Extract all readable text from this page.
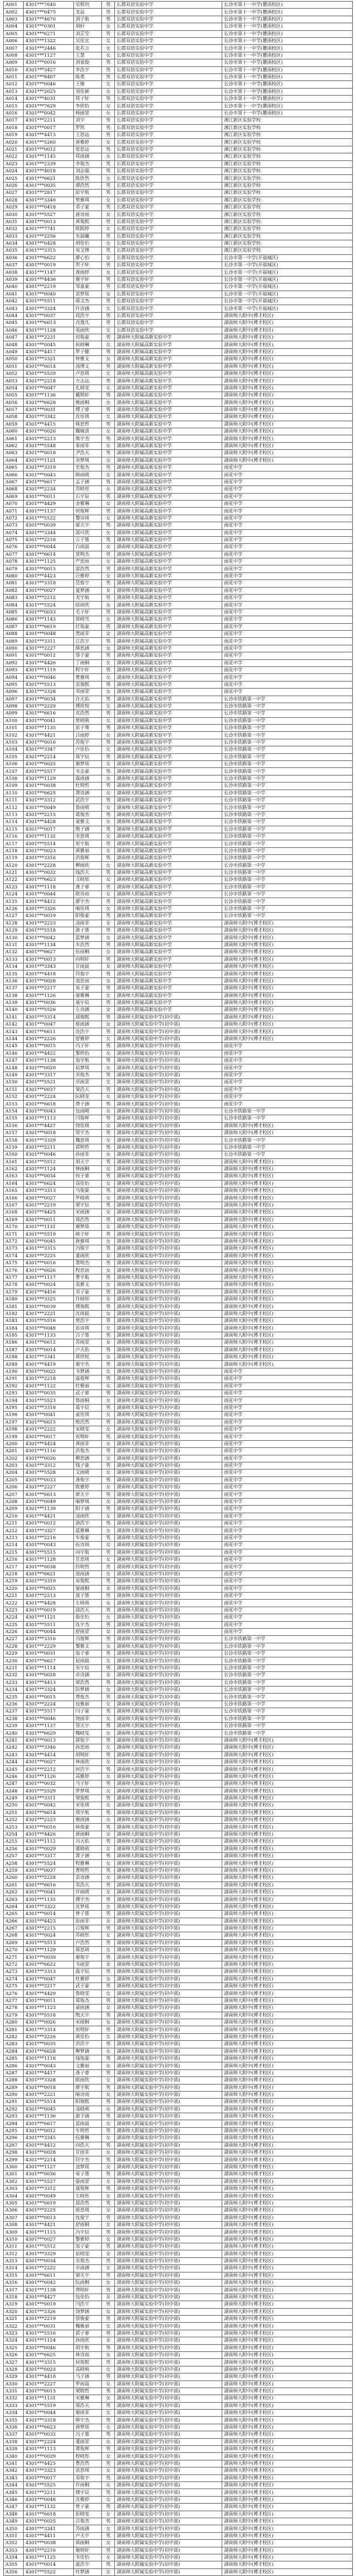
A001	4301***7640	吴程玥	男	长郡双语实验中学	长沙市第十一中学(麓南校区)
A002	4301***0475	龙品	男	长郡双语实验中学	长沙市第十一中学(麓南校区)
A003	4301***4670	刘子航	男	长郡双语实验中学	长沙市第十一中学(麓南校区)
A004	4301***0301	胡轩	女	长郡双语实验中学	长沙市第十一中学(麓南校区)
A005	4301***6271	刘芷莹	男	长郡双语实验中学	长沙市第十一中学(麓南校区)
A006	4301***1322	吴佳宜	女	长郡双语实验中学	长沙市第十一中学(麓南校区)
A007	4301***2446	张若言	女	长郡双语实验中学	长沙市第十一中学(麓南校区)
A008	4301***1127	王慧	女	长郡双语实验中学	长沙市第十一中学(麓南校区)
A009	4301***0016	刘家俊	男	长郡双语实验中学	长沙市第十一中学(麓南校区)
A010	4301***3427	李浩宇	男	长郡双语实验中学	长沙市第十一中学(麓南校区)
A011	4301***8407	陈勇	男	长郡双语实验中学	长沙市第十一中学(麓南校区)
A012	4301***0046	王敏	女	长郡双语实验中学	长沙市第十一中学(麓南校区)
A013	4301***2025	刘佳颖	女	长郡双语实验中学	长沙市第十一中学(麓南校区)
A014	4301***4031	周子轩	男	长郡双语实验中学	长沙市第十一中学(麓南校区)
A015	4301***7629	李欣怡	女	长郡双语实验中学	长沙市第十一中学(麓南校区)
A016	4301***0042	杨雨萱	女	长郡双语实验中学	长沙市第十一中学(麓南校区)
A017	4301***2211	刘宇	男	长郡双语实验中学	湘江新区实验学校
A018	4301***0017	罗凯	男	长郡双语实验中学	湘江新区实验学校
A019	4301***4413	王思远	男	长郡双语实验中学	湘江新区实验学校
A020	4301***5260	黄雅婷	女	长郡双语实验中学	湘江新区实验学校
A021	4301***0012	张思远	男	长郡双语实验中学	湘江新区实验学校
A022	4301***1145	周雨涵	女	长郡双语实验中学	湘江新区实验学校
A023	4301***2339	李俊杰	男	长郡双语实验中学	湘江新区实验学校
A024	4301***4018	刘志强	男	长郡双语实验中学	湘江新区实验学校
A025	4301***6621	陈欣然	女	长郡双语实验中学	湘江新区实验学校
A026	4301***0035	谭浩然	男	长郡双语实验中学	湘江新区实验学校
A027	4301***2817	彭宇航	男	长郡双语实验中学	湘江新区实验学校
A028	4301***3346	曾雅琪	女	长郡双语实验中学	湘江新区实验学校
A029	4301***0418	邓子豪	男	长郡双语实验中学	湘江新区实验学校
A030	4301***5527	唐诗雨	女	长郡双语实验中学	湘江新区实验学校
A031	4301***0013	黄俊熙	男	长郡双语实验中学	湘江新区实验学校
A032	4301***7741	欧阳婷	女	长郡双语实验中学	湘江新区实验学校
A033	4301***2256	朱晨曦	男	长郡双语实验中学	湘江新区实验学校
A034	4301***0428	胡佳怡	女	长郡双语实验中学	湘江新区实验学校
A035	4301***3315	易文博	男	长郡双语实验中学	湘江新区实验学校
A036	4301***6622	廖心怡	女	长郡双语实验中学	长沙市第一中学(开福城区)
A037	4301***0019	贺子轩	男	长郡双语实验中学	长沙市第一中学(开福城区)
A038	4301***1147	龚雨婷	女	长郡双语实验中学	长沙市第一中学(开福城区)
A039	4301***4436	谢宇轩	男	长郡双语实验中学	长沙市第一中学(开福城区)
A040	4301***2219	邹嘉豪	男	长郡双语实验中学	长沙市第一中学(开福城区)
A041	4301***0040	袁梦瑶	女	长郡双语实验中学	长沙市第一中学(开福城区)
A042	4301***5511	蒋文杰	男	长郡双语实验中学	长沙市第一中学(开福城区)
A043	4301***3324	许诗涵	女	长郡双语实验中学	长沙市第一中学(开福城区)
A044	4301***0037	段浩宇	男	长郡双语实验中学	湖南师大附中(博才校区)
A045	4301***6613	肖逸凡	男	长郡双语实验中学	湖南师大附中(博才校区)
A046	4301***1128	莫雨欣	女	长郡双语实验中学	湖南师大附中(博才校区)
A047	4301***2231	田俊豪	男	湖南师大附属高新实验中学	湖南师大附中(博才校区)
A048	4301***0045	何晓琳	女	湖南师大附属高新实验中学	湖南师大附中(博才校区)
A049	4301***4417	罗子健	男	湖南师大附属高新实验中学	湖南师大附中(博才校区)
A050	4301***3321	钟雅文	女	湖南师大附属高新实验中学	湖南师大附中(博才校区)
A051	4301***0014	汤博文	男	湖南师大附属高新实验中学	湖南师大附中(博才校区)
A052	4301***5529	卢思琪	女	湖南师大附属高新实验中学	湖南师大附中(博才校区)
A053	4301***2218	方志远	男	湖南师大附属高新实验中学	湖南师大附中(博才校区)
A054	4301***0047	孔晓雯	女	湖南师大附属高新实验中学	湖南师大附中(博才校区)
A055	4301***1136	戴明轩	男	湖南师大附属高新实验中学	湖南师大附中(博才校区)
A056	4301***6628	姚雨桐	女	湖南师大附属高新实验中学	湖南师大附中(博才校区)
A057	4301***0031	傅子睿	男	湖南师大附属高新实验中学	湖南师大附中(博才校区)
A058	4301***3342	沈佳琪	女	湖南师大附属高新实验中学	湖南师大附中(博才校区)
A059	4301***4415	韩思哲	男	湖南师大附属高新实验中学	湖南师大附中(博才校区)
A060	4301***0026	魏婉清	女	湖南师大附属高新实验中学	湖南师大附中(博才校区)
A061	4301***2213	熊宇杰	男	湖南师大附属高新实验中学	湖南师大附中(博才校区)
A062	4301***5548	秦雨菲	女	湖南师大附属高新实验中学	湖南师大附中(博才校区)
A063	4301***0018	尹浩天	男	湖南师大附属高新实验中学	湖南师大附中(博才校区)
A064	4301***1121	余梦琪	女	湖南师大附属高新实验中学	湖南师大附中(博才校区)
A065	4301***3319	史俊杰	男	湖南师大附属高新实验中学	雨花中学
A066	4301***0043	顾雨晴	女	湖南师大附属高新实验中学	雨花中学
A067	4301***6617	孟子涵	男	湖南师大附属高新实验中学	雨花中学
A068	4301***2234	苏晓彤	女	湖南师大附属高新实验中学	雨花中学
A069	4301***0011	石宇辰	男	湖南师大附属高新实验中学	雨花中学
A070	4301***4429	金雅琳	女	湖南师大附属高新实验中学	雨花中学
A071	4301***1137	侯俊辉	男	湖南师大附属高新实验中学	雨花中学
A072	4301***5522	黎诗琪	女	湖南师大附属高新实验中学	雨花中学
A073	4301***0039	郝天宇	男	湖南师大附属高新实验中学	雨花中学
A074	4301***3344	邵可欣	女	湖南师大附属高新实验中学	雨花中学
A075	4301***2216	万子墨	男	湖南师大附属高新实验中学	雨花中学
A076	4301***0044	白雨晨	女	湖南师大附属高新实验中学	雨花中学
A077	4301***6614	常明杰	男	湖南师大附属高新实验中学	雨花中学
A078	4301***1125	严思雨	女	湖南师大附属高新实验中学	雨花中学
A079	4301***0015	雷浩然	男	湖南师大附属高新实验中学	雨花中学
A080	4301***4423	汪雅婷	女	湖南师大附属高新实验中学	雨花中学
A081	4301***3318	范俊宇	男	湖南师大附属高新实验中学	雨花中学
A082	4301***0027	夏梦涵	女	湖南师大附属高新实验中学	雨花中学
A083	4301***2212	龙宇航	男	湖南师大附属高新实验中学	雨花中学
A084	4301***5524	陆雨欣	女	湖南师大附属高新实验中学	雨花中学
A085	4301***0033	毛子轩	男	湖南师大附属高新实验中学	雨花中学
A086	4301***1143	郑晓雪	女	湖南师大附属高新实验中学	雨花中学
A087	4301***6619	任俊豪	男	湖南师大附属高新实验中学	雨花中学
A088	4301***0048	贾雨菲	女	湖南师大附属高新实验中学	雨花中学
A089	4301***3311	江浩宇	男	湖南师大附属高新实验中学	雨花中学
A090	4301***2227	薛思涵	女	湖南师大附属高新实验中学	雨花中学
A091	4301***0012	蔡子豪	男	湖南师大附属高新实验中学	雨花中学
A092	4301***4426	丁雨桐	女	湖南师大附属高新实验中学	雨花中学
A093	4301***1119	程宇轩	男	湖南师大附属高新实验中学	雨花中学
A094	4301***0046	曹雅琪	女	湖南师大附属高新实验中学	雨花中学
A095	4301***5513	袁俊熙	男	湖南师大附属高新实验中学	雨花中学
A096	4301***3328	邓雨萱	女	湖南师大附属高新实验中学	雨花中学
A097	4301***0034	许天佑	男	湖南师大附属高新实验中学	长沙市铁路第一中学
A098	4301***2229	傅欣悦	女	湖南师大附属高新实验中学	长沙市铁路第一中学
A099	4301***6616	沈浩然	男	湖南师大附属高新实验中学	长沙市铁路第一中学
A100	4301***0041	曾晓萌	女	湖南师大附属高新实验中学	长沙市铁路第一中学
A101	4301***1135	彭子骞	男	湖南师大附属高新实验中学	长沙市铁路第一中学
A102	4301***4421	吕雨婷	女	湖南师大附属高新实验中学	长沙市铁路第一中学
A103	4301***0016	苏俊宇	男	湖南师大附属高新实验中学	长沙市铁路第一中学
A104	4301***3347	卢佳怡	女	湖南师大附属高新实验中学	长沙市铁路第一中学
A105	4301***2214	蒋宇辰	男	湖南师大附属高新实验中学	长沙市铁路第一中学
A106	4301***0025	谢梦瑶	女	湖南师大附属高新实验中学	长沙市铁路第一中学
A107	4301***5517	韦志豪	男	湖南师大附属高新实验中学	长沙市铁路第一中学
A108	4301***1129	温雨涵	女	湖南师大附属高新实验中学	长沙市铁路第一中学
A109	4301***0038	杜明哲	男	湖南师大附属高新实验中学	长沙市铁路第一中学
A110	4301***6625	萧诗涵	女	湖南师大附属高新实验中学	长沙市铁路第一中学
A111	4301***3312	武浩宇	男	湖南师大附属高新实验中学	长沙市铁路第一中学
A112	4301***0049	鲁雨晴	女	湖南师大附属高新实验中学	长沙市铁路第一中学
A113	4301***2215	葛俊杰	男	湖南师大附属高新实验中学	长沙市铁路第一中学
A114	4301***4428	童雅文	女	湖南师大附属高新实验中学	长沙市铁路第一中学
A115	4301***0017	殷子涵	男	湖南师大附属高新实验中学	长沙市铁路第一中学
A116	4301***1132	宋思琪	女	湖南师大附属高新实验中学	长沙市铁路第一中学
A117	4301***5514	祝宇航	男	湖南师大附属高新实验中学	长沙市铁路第一中学
A118	4301***0023	黄雅丽	女	湖南师大附属高新实验中学	长沙市铁路第一中学
A119	4301***3316	洪俊辉	男	湖南师大附属高新实验中学	长沙市铁路第一中学
A120	4301***2228	柳雨欣	女	湖南师大附属高新实验中学	长沙市铁路第一中学
A121	4301***0032	钱浩天	男	湖南师大附属高新实验中学	长沙市铁路第一中学
A122	4301***6623	文晓彤	女	湖南师大附属高新实验中学	长沙市铁路第一中学
A123	4301***1118	龚子睿	男	湖南师大附属高新实验中学	长沙市铁路第一中学
A124	4301***0044	欧诗雨	女	湖南师大附属高新实验中学	长沙市铁路第一中学
A125	4301***4412	廖宇杰	男	湖南师大附属高新实验中学	长沙市铁路第一中学
A126	4301***3326	喻佳琪	女	湖南师大附属高新实验中学	长沙市铁路第一中学
A127	4301***0019	阳俊豪	男	湖南师大附属高新实验中学	长沙市铁路第一中学
A128	4301***2223	凌雨菲	女	湖南师大附属高新实验中学	湖南师大附中(博才校区)
A129	4301***5518	游子墨	男	湖南师大附属高新实验中学	湖南师大附中(博才校区)
A130	4301***0042	蓝梦涵	女	湖南师大附属高新实验中学	湖南师大附中(博才校区)
A131	4301***1134	车浩然	男	湖南师大附属高新实验中学	湖南师大附中(博才校区)
A132	4301***6627	伍雨桐	女	湖南师大附属高新实验中学	湖南师大附中(博才校区)
A133	4301***0013	向明轩	男	湖南师大附属高新实验中学	湖南师大附中(博才校区)
A134	4301***3343	甘雨晨	女	湖南师大附属高新实验中学	湖南师大附中(博才校区)
A135	4301***4418	符俊宇	男	湖南师大附属高新实验中学	湖南师大附中(博才校区)
A136	4301***0028	池思雨	女	湖南师大附属高新实验中学	湖南师大附中(博才校区)
A137	4301***2217	易子豪	男	湖南师大附属高新实验中学	湖南师大附中(博才校区)
A138	4301***1126	晏雅琳	女	湖南师大附属高新实验中学	湖南师大附中(博才校区)
A139	4301***0036	聂宇辰	男	湖南师大附属高新实验中学	湖南师大附中(博才校区)
A140	4301***5526	左诗涵	女	湖南师大附属高新实验中学	湖南师大附中(博才校区)
A141	4301***3314	邱俊熙	男	湖南师大附属实验中学(初中部)	湖南师大附中(博才校区)
A142	4301***0047	骆雨涵	女	湖南师大附属实验中学(初中部)	湖南师大附中(博才校区)
A143	4301***6611	连浩宇	男	湖南师大附属实验中学(初中部)	湖南师大附中(博才校区)
A144	4301***2226	舒雅婷	女	湖南师大附属实验中学(初中部)	湖南师大附中(博才校区)
A145	4301***0015	冯子轩	男	湖南师大附属实验中学(初中部)	雨花中学
A146	4301***4422	黎欣怡	女	湖南师大附属实验中学(初中部)	雨花中学
A147	4301***1138	翁宇航	男	湖南师大附属实验中学(初中部)	雨花中学
A148	4301***0029	屈梦琪	女	湖南师大附属实验中学(初中部)	雨花中学
A149	4301***3317	巫俊杰	男	湖南师大附属实验中学(初中部)	雨花中学
A150	4301***5521	卓雨萱	女	湖南师大附属实验中学(初中部)	雨花中学
A151	4301***0037	梁浩天	男	湖南师大附属实验中学(初中部)	雨花中学
A152	4301***2224	阮晓雯	女	湖南师大附属实验中学(初中部)	雨花中学
A153	4301***6618	费子涵	男	湖南师大附属实验中学(初中部)	雨花中学
A154	4301***0043	包雨晴	女	湖南师大附属实验中学(初中部)	长沙市铁路第一中学
A155	4301***1113	闫俊辉	男	湖南师大附属实验中学(初中部)	长沙市铁路第一中学
A156	4301***4427	饶佳琪	女	湖南师大附属实验中学(初中部)	湖南师大附中(博才校区)
A157	4301***0018	管宇杰	男	湖南师大附属实验中学(初中部)	湖南师大附中(博才校区)
A158	4301***3329	魏思琪	女	湖南师大附属实验中学(初中部)	长沙市铁路第一中学
A159	4301***2211	郭明哲	男	湖南师大附属实验中学(初中部)	长沙市铁路第一中学
A160	4301***0046	孙雨菲	女	湖南师大附属实验中学(初中部)	长沙市铁路第一中学
A161	4301***5512	胡天宇	男	湖南师大附属实验中学(初中部)	湖南师大附中(博才校区)
A162	4301***1124	林雨桐	女	湖南师大附属实验中学(初中部)	湖南师大附中(博才校区)
A163	4301***0034	何子睿	男	湖南师大附属实验中学(初中部)	湖南师大附中(博才校区)
A164	4301***6624	高佳怡	女	湖南师大附属实验中学(初中部)	湖南师大附中(博才校区)
A165	4301***3313	马俊豪	男	湖南师大附属实验中学(初中部)	湖南师大附中(博才校区)
A166	4301***0027	罗晓萌	女	湖南师大附属实验中学(初中部)	湖南师大附中(博才校区)
A167	4301***2219	梁宇辰	男	湖南师大附属实验中学(初中部)	湖南师大附中(博才校区)
A168	4301***4425	宋雨涵	女	湖南师大附属实验中学(初中部)	湖南师大附中(博才校区)
A169	4301***0011	郑浩然	男	湖南师大附属实验中学(初中部)	湖南师大附中(博才校区)
A170	4301***1131	谢梦瑶	女	湖南师大附属实验中学(初中部)	湖南师大附中(博才校区)
A171	4301***5519	韩子轩	男	湖南师大附属实验中学(初中部)	湖南师大附中(博才校区)
A172	4301***0045	唐雅琪	女	湖南师大附属实验中学(初中部)	湖南师大附中(博才校区)
A173	4301***3315	冯俊宇	男	湖南师大附属实验中学(初中部)	湖南师大附中(博才校区)
A174	4301***2225	董雨欣	女	湖南师大附属实验中学(初中部)	湖南师大附中(博才校区)
A175	4301***0016	萧明杰	男	湖南师大附属实验中学(初中部)	湖南师大附中(博才校区)
A176	4301***6626	程思雨	女	湖南师大附属实验中学(初中部)	湖南师大附中(博才校区)
A177	4301***1117	曹宇航	男	湖南师大附属实验中学(初中部)	湖南师大附中(博才校区)
A178	4301***0024	袁雅文	女	湖南师大附属实验中学(初中部)	湖南师大附中(博才校区)
A179	4301***4416	邓子豪	男	湖南师大附属实验中学(初中部)	湖南师大附中(博才校区)
A180	4301***3325	许晓彤	女	湖南师大附属实验中学(初中部)	湖南师大附中(博才校区)
A181	4301***0039	傅俊熙	男	湖南师大附属实验中学(初中部)	湖南师大附中(博才校区)
A182	4301***2221	沈雨晨	女	湖南师大附属实验中学(初中部)	湖南师大附中(博才校区)
A183	4301***5516	曾浩宇	男	湖南师大附属实验中学(初中部)	湖南师大附中(博才校区)
A184	4301***0048	彭诗琪	女	湖南师大附属实验中学(初中部)	湖南师大附中(博才校区)
A185	4301***1133	吕子墨	男	湖南师大附属实验中学(初中部)	湖南师大附中(博才校区)
A186	4301***6612	苏雨萱	女	湖南师大附属实验中学(初中部)	湖南师大附中(博才校区)
A187	4301***0014	卢天佑	男	湖南师大附属实验中学(初中部)	湖南师大附中(博才校区)
A188	4301***3341	蒋欣悦	女	湖南师大附属实验中学(初中部)	湖南师大附中(博才校区)
A189	4301***4419	谢宇杰	男	湖南师大附属实验中学(初中部)	湖南师大附中(博才校区)
A190	4301***0022	韦梦涵	女	湖南师大附属实验中学(初中部)	雨花中学
A191	4301***2218	温俊辉	男	湖南师大附属实验中学(初中部)	雨花中学
A192	4301***1122	杜雅丽	女	湖南师大附属实验中学(初中部)	雨花中学
A193	4301***0035	武子睿	男	湖南师大附属实验中学(初中部)	雨花中学
A194	4301***5523	鲁雨桐	女	湖南师大附属实验中学(初中部)	雨花中学
A195	4301***3318	葛宇辰	男	湖南师大附属实验中学(初中部)	雨花中学
A196	4301***0041	童佳琪	女	湖南师大附属实验中学(初中部)	雨花中学
A197	4301***6615	殷浩然	男	湖南师大附属实验中学(初中部)	雨花中学
A198	4301***2222	宋晓雯	女	湖南师大附属实验中学(初中部)	雨花中学
A199	4301***0017	祝明轩	男	湖南师大附属实验中学(初中部)	雨花中学
A200	4301***4424	黄雨菲	女	湖南师大附属实验中学(初中部)	雨花中学
A201	4301***1116	洪俊杰	男	湖南师大附属实验中学(初中部)	雨花中学
A202	4301***0026	柳思涵	女	湖南师大附属实验中学(初中部)	雨花中学
A203	4301***3312	钱子豪	男	湖南师大附属实验中学(初中部)	雨花中学
A204	4301***5528	文雨晴	女	湖南师大附属实验中学(初中部)	雨花中学
A205	4301***0033	龚俊宇	男	湖南师大附属实验中学(初中部)	雨花中学
A206	4301***2227	欧雅婷	女	湖南师大附属实验中学(初中部)	雨花中学
A207	4301***6613	廖天宇	男	湖南师大附属实验中学(初中部)	雨花中学
A208	4301***0049	喻梦琪	女	湖南师大附属实验中学(初中部)	雨花中学
A209	4301***1139	阳子涵	男	湖南师大附属实验中学(初中部)	雨花中学
A210	4301***4421	凌雨欣	女	湖南师大附属实验中学(初中部)	雨花中学
A211	4301***0012	游浩宇	男	湖南师大附属实验中学(初中部)	雨花中学
A212	4301***3327	蓝雅琳	女	湖南师大附属实验中学(初中部)	雨花中学
A213	4301***2216	车俊豪	男	湖南师大附属实验中学(初中部)	雨花中学
A214	4301***0043	伍诗雨	女	湖南师大附属实验中学(初中部)	雨花中学
A215	4301***5515	向宇航	男	湖南师大附属实验中学(初中部)	雨花中学
A216	4301***1128	甘思琪	女	湖南师大附属实验中学(初中部)	雨花中学
A217	4301***0038	符明哲	男	湖南师大附属实验中学(初中部)	雨花中学
A218	4301***6621	池雨涵	女	湖南师大附属实验中学(初中部)	雨花中学
A219	4301***3319	易俊熙	男	湖南师大附属实验中学(初中部)	雨花中学
A220	4301***0025	晏雨桐	女	湖南师大附属实验中学(初中部)	雨花中学
A221	4301***2213	聂子墨	男	湖南师大附属实验中学(初中部)	雨花中学
A222	4301***4428	左晓萌	女	湖南师大附属实验中学(初中部)	雨花中学
A223	4301***0019	邱浩天	男	湖南师大附属实验中学(初中部)	雨花中学
A224	4301***1121	骆佳怡	女	湖南师大附属实验中学(初中部)	雨花中学
A225	4301***5511	连宇杰	男	湖南师大附属实验中学(初中部)	雨花中学
A226	4301***0044	舒雨萱	女	湖南师大附属实验中学(初中部)	雨花中学
A227	4301***3316	冯俊辉	男	湖南师大附属实验中学(初中部)	长沙市铁路第一中学
A228	4301***2229	黎雅文	女	湖南师大附属实验中学(初中部)	长沙市铁路第一中学
A229	4301***0031	翁子睿	男	湖南师大附属实验中学(初中部)	长沙市铁路第一中学
A230	4301***6627	屈雨晨	女	湖南师大附属实验中学(初中部)	长沙市铁路第一中学
A231	4301***1114	巫宇辰	男	湖南师大附属实验中学(初中部)	长沙市铁路第一中学
A232	4301***0028	卓诗涵	女	湖南师大附属实验中学(初中部)	长沙市铁路第一中学
A233	4301***4413	梁浩然	男	湖南师大附属实验中学(初中部)	长沙市铁路第一中学
A234	4301***3324	阮梦涵	女	湖南师大附属实验中学(初中部)	长沙市铁路第一中学
A235	4301***0015	费俊杰	男	湖南师大附属实验中学(初中部)	长沙市铁路第一中学
A236	4301***2224	包雅丽	女	湖南师大附属实验中学(初中部)	长沙市铁路第一中学
A237	4301***5517	闫子豪	男	湖南师大附属实验中学(初中部)	长沙市铁路第一中学
A238	4301***0046	饶雨菲	女	湖南师大附属实验中学(初中部)	长沙市铁路第一中学
A239	4301***1137	管天宇	男	湖南师大附属实验中学(初中部)	长沙市铁路第一中学
A240	4301***6629	魏晓雯	女	湖南师大附属实验中学(初中部)	长沙市铁路第一中学
A241	4301***0013	郭俊宇	男	湖南师大附属实验中学(初中部)	湖南师大附中(博才校区)
A242	4301***3346	孙思雨	女	湖南师大附属实验中学(初中部)	湖南师大附中(博才校区)
A243	4301***4414	胡明轩	男	湖南师大附属实验中学(初中部)	湖南师大附中(博才校区)
A244	4301***0027	林雨欣	女	湖南师大附属实验中学(初中部)	湖南师大附中(博才校区)
A245	4301***2212	何浩宇	男	湖南师大附属实验中学(初中部)	湖南师大附中(博才校区)
A246	4301***1126	高雅婷	女	湖南师大附属实验中学(初中部)	湖南师大附中(博才校区)
A247	4301***0032	马子轩	男	湖南师大附属实验中学(初中部)	湖南师大附中(博才校区)
A248	4301***5529	罗梦琪	女	湖南师大附属实验中学(初中部)	湖南师大附中(博才校区)
A249	4301***3311	梁俊熙	男	湖南师大附属实验中学(初中部)	湖南师大附中(博才校区)
A250	4301***0042	宋佳琪	女	湖南师大附属实验中学(初中部)	湖南师大附中(博才校区)
A251	4301***6614	郑宇航	男	湖南师大附属实验中学(初中部)	湖南师大附中(博才校区)
A252	4301***2223	谢雨涵	女	湖南师大附属实验中学(初中部)	湖南师大附中(博才校区)
A253	4301***0016	韩俊豪	男	湖南师大附属实验中学(初中部)	湖南师大附中(博才校区)
A254	4301***4426	唐雨桐	女	湖南师大附属实验中学(初中部)	湖南师大附中(博才校区)
A255	4301***1112	冯天佑	男	湖南师大附属实验中学(初中部)	湖南师大附中(博才校区)
A256	4301***0029	董晓萌	女	湖南师大附属实验中学(初中部)	湖南师大附中(博才校区)
A257	4301***3317	萧子涵	男	湖南师大附属实验中学(初中部)	湖南师大附中(博才校区)
A258	4301***5524	程雅琳	女	湖南师大附属实验中学(初中部)	湖南师大附中(博才校区)
A259	4301***0037	曹明哲	男	湖南师大附属实验中学(初中部)	湖南师大附中(博才校区)
A260	4301***2228	袁诗涵	女	湖南师大附属实验中学(初中部)	湖南师大附中(博才校区)
A261	4301***6616	邓浩天	男	湖南师大附属实验中学(初中部)	湖南师大附中(博才校区)
A262	4301***0041	许雨晴	女	湖南师大附属实验中学(初中部)	湖南师大附中(博才校区)
A263	4301***1135	傅宇杰	男	湖南师大附属实验中学(初中部)	湖南师大附中(博才校区)
A264	4301***3322	沈梦瑶	女	湖南师大附属实验中学(初中部)	湖南师大附中(博才校区)
A265	4301***0014	曾子墨	男	湖南师大附属实验中学(初中部)	湖南师大附中(博才校区)
A266	4301***4423	彭雨菲	女	湖南师大附属实验中学(初中部)	湖南师大附中(博才校区)
A267	4301***2215	吕俊辉	男	湖南师大附属实验中学(初中部)	湖南师大附中(博才校区)
A268	4301***0024	苏晓彤	女	湖南师大附属实验中学(初中部)	湖南师大附中(博才校区)
A269	4301***5513	卢浩然	男	湖南师大附属实验中学(初中部)	湖南师大附中(博才校区)
A270	4301***1129	蒋思琪	女	湖南师大附属实验中学(初中部)	湖南师大附中(博才校区)
A271	4301***0039	谢俊宇	男	湖南师大附属实验中学(初中部)	湖南师大附中(博才校区)
A272	4301***6622	韦雨萱	女	湖南师大附属实验中学(初中部)	湖南师大附中(博才校区)
A273	4301***3313	温宇辰	男	湖南师大附属实验中学(初中部)	湖南师大附中(博才校区)
A274	4301***0047	杜雅婷	女	湖南师大附属实验中学(初中部)	湖南师大附中(博才校区)
A275	4301***2217	武子豪	男	湖南师大附属实验中学(初中部)	湖南师大附中(博才校区)
A276	4301***4429	鲁晓雯	女	湖南师大附属实验中学(初中部)	湖南师大附中(博才校区)
A277	4301***0011	葛俊杰	男	湖南师大附属实验中学(初中部)	湖南师大附中(博才校区)
A278	4301***1123	童雨涵	女	湖南师大附属实验中学(初中部)	湖南师大附中(博才校区)
A279	4301***5518	殷天宇	男	湖南师大附属实验中学(初中部)	湖南师大附中(博才校区)
A280	4301***0026	宋雨桐	女	湖南师大附属实验中学(初中部)	湖南师大附中(博才校区)
A281	4301***3314	祝明轩	男	湖南师大附属实验中学(初中部)	湖南师大附中(博才校区)
A282	4301***2226	黄佳怡	女	湖南师大附属实验中学(初中部)	湖南师大附中(博才校区)
A283	4301***0035	洪浩宇	男	湖南师大附属实验中学(初中部)	湖南师大附中(博才校区)
A284	4301***6628	柳梦涵	女	湖南师大附属实验中学(初中部)	湖南师大附中(博才校区)
A285	4301***1118	钱俊豪	男	湖南师大附属实验中学(初中部)	湖南师大附中(博才校区)
A286	4301***0043	文雅丽	女	湖南师大附属实验中学(初中部)	湖南师大附中(博才校区)
A287	4301***4417	龚子睿	男	湖南师大附属实验中学(初中部)	湖南师大附中(博才校区)
A288	4301***3328	欧雨欣	女	湖南师大附属实验中学(初中部)	湖南师大附中(博才校区)
A289	4301***0018	廖宇航	男	湖南师大附属实验中学(初中部)	湖南师大附中(博才校区)
A290	4301***2221	喻诗雨	女	湖南师大附属实验中学(初中部)	湖南师大附中(博才校区)
A291	4301***5514	阳俊熙	男	湖南师大附属实验中学(初中部)	湖南师大附中(博才校区)
A292	4301***0045	凌晓萌	女	湖南师大附属实验中学(初中部)	湖南师大附中(博才校区)
A293	4301***1136	游子涵	男	湖南师大附属实验中学(初中部)	湖南师大附中(博才校区)
A294	4301***6617	蓝雨晨	女	湖南师大附属实验中学(初中部)	湖南师大附中(博才校区)
A295	4301***0012	车明哲	男	湖南师大附属实验中学(初中部)	湖南师大附中(博才校区)
A296	4301***3345	伍雅琳	女	湖南师大附属实验中学(初中部)	湖南师大附中(博才校区)
A297	4301***4412	向浩天	男	湖南师大附属实验中学(初中部)	湖南师大附中(博才校区)
A298	4301***0028	甘雨菲	女	湖南师大附属实验中学(初中部)	湖南师大附中(博才校区)
A299	4301***2214	符宇杰	男	湖南师大附属实验中学(初中部)	湖南师大附中(博才校区)
A300	4301***1127	池梦瑶	女	湖南师大附属实验中学(初中部)	湖南师大附中(博才校区)
A301	4301***0036	易子墨	男	湖南师大附属实验中学(初中部)	湖南师大附中(博才校区)
A302	4301***5527	晏雨萱	女	湖南师大附属实验中学(初中部)	湖南师大附中(博才校区)
A303	4301***3312	聂俊辉	男	湖南师大附属实验中学(初中部)	湖南师大附中(博才校区)
A304	4301***0049	左晓彤	女	湖南师大附属实验中学(初中部)	湖南师大附中(博才校区)
A305	4301***6619	邱浩然	男	湖南师大附属实验中学(初中部)	湖南师大附中(博才校区)
A306	4301***2225	骆思琪	女	湖南师大附属实验中学(初中部)	湖南师大附中(博才校区)
A307	4301***0013	连俊宇	男	湖南师大附属实验中学(初中部)	湖南师大附中(博才校区)
A308	4301***4421	舒雨桐	女	湖南师大附属实验中学(初中部)	湖南师大附中(博才校区)
A309	4301***1115	冯宇辰	男	湖南师大附属实验中学(初中部)	湖南师大附中(博才校区)
A310	4301***0027	黎雅婷	女	湖南师大附属实验中学(初中部)	湖南师大附中(博才校区)
A311	4301***5512	翁子豪	男	湖南师大附属实验中学(初中部)	湖南师大附中(博才校区)
A312	4301***3329	屈晓雯	女	湖南师大附属实验中学(初中部)	湖南师大附中(博才校区)
A313	4301***0034	巫俊杰	男	湖南师大附属实验中学(初中部)	湖南师大附中(博才校区)
A314	4301***2222	卓雨涵	女	湖南师大附属实验中学(初中部)	湖南师大附中(博才校区)
A315	4301***6611	梁天宇	男	湖南师大附属实验中学(初中部)	湖南师大附中(博才校区)
A316	4301***0042	阮雨桐	女	湖南师大附属实验中学(初中部)	湖南师大附中(博才校区)
A317	4301***1138	费明轩	男	湖南师大附属实验中学(初中部)	湖南师大附中(博才校区)
A318	4301***4427	包佳怡	女	湖南师大附属实验中学(初中部)	湖南师大附中(博才校区)
A319	4301***0019	闫浩宇	男	湖南师大附属实验中学(初中部)	湖南师大附中(博才校区)
A320	4301***3326	饶梦涵	女	湖南师大附属实验中学(初中部)	湖南师大附中(博才校区)
A321	4301***2219	管俊豪	男	湖南师大附属实验中学(初中部)	湖南师大附中(博才校区)
A322	4301***0031	魏雅丽	女	湖南师大附属实验中学(初中部)	湖南师大附中(博才校区)
A323	4301***5516	郭子睿	男	湖南师大附属实验中学(初中部)	湖南师大附中(博才校区)
A324	4301***1124	孙雨欣	女	湖南师大附属实验中学(初中部)	湖南师大附中(博才校区)
A325	4301***0046	胡宇航	男	湖南师大附属实验中学(初中部)	湖南师大附中(博才校区)
A326	4301***6625	林诗雨	女	湖南师大附属实验中学(初中部)	湖南师大附中(博才校区)
A327	4301***3315	何俊熙	男	湖南师大附属实验中学(初中部)	湖南师大附中(博才校区)
A328	4301***0023	高晓萌	女	湖南师大附属实验中学(初中部)	湖南师大附中(博才校区)
A329	4301***4418	马子涵	男	湖南师大附属实验中学(初中部)	湖南师大附中(博才校区)
A330	4301***2227	罗雨晨	女	湖南师大附属实验中学(初中部)	湖南师大附中(博才校区)
A331	4301***0015	梁明哲	男	湖南师大附属实验中学(初中部)	湖南师大附中(博才校区)
A332	4301***1131	宋雅琳	女	湖南师大附属实验中学(初中部)	湖南师大附中(博才校区)
A333	4301***5519	郑浩天	男	湖南师大附属实验中学(初中部)	湖南师大附中(博才校区)
A334	4301***0044	谢雨菲	女	湖南师大附属实验中学(初中部)	湖南师大附中(博才校区)
A335	4301***3318	韩宇杰	男	湖南师大附属实验中学(初中部)	湖南师大附中(博才校区)
A336	4301***6623	唐梦瑶	女	湖南师大附属实验中学(初中部)	湖南师大附中(博才校区)
A337	4301***0032	冯子墨	男	湖南师大附属实验中学(初中部)	湖南师大附中(博才校区)
A338	4301***2224	董雨萱	女	湖南师大附属实验中学(初中部)	湖南师大附中(博才校区)
A339	4301***1113	萧俊辉	男	湖南师大附属实验中学(初中部)	湖南师大附中(博才校区)
A340	4301***0029	程晓彤	女	湖南师大附属实验中学(初中部)	湖南师大附中(博才校区)
A341	4301***4425	曹浩然	男	湖南师大附属实验中学(初中部)	湖南师大附中(博才校区)
A342	4301***3323	袁思琪	女	湖南师大附属实验中学(初中部)	湖南师大附中(博才校区)
A343	4301***0017	邓俊宇	男	湖南师大附属实验中学(初中部)	湖南师大附中(博才校区)
A344	4301***5525	许雨桐	女	湖南师大附属实验中学(初中部)	湖南师大附中(博才校区)
A345	4301***2211	傅宇辰	男	湖南师大附属实验中学(初中部)	湖南师大附中(博才校区)
A346	4301***0048	沈雅婷	女	湖南师大附属实验中学(初中部)	湖南师大附中(博才校区)
A347	4301***1132	曾子豪	男	湖南师大附属实验中学(初中部)	湖南师大附中(博才校区)
A348	4301***6618	彭晓雯	女	湖南师大附属实验中学(初中部)	湖南师大附中(博才校区)
A349	4301***0025	吕俊杰	男	湖南师大附属实验中学(初中部)	湖南师大附中(博才校区)
A350	4301***3341	苏雨涵	女	湖南师大附属实验中学(初中部)	湖南师大附中(博才校区)
A351	4301***4411	卢天宇	男	湖南师大附属实验中学(初中部)	湖南师大附中(博才校区)
A352	4301***0038	蒋雨桐	女	湖南师大附属实验中学(初中部)	湖南师大附中(博才校区)
A353	4301***2216	谢明轩	男	湖南师大附属实验中学(初中部)	湖南师大附中(博才校区)
A354	4301***1125	韦佳怡	女	湖南师大附属实验中学(初中部)	湖南师大附中(博才校区)
A355	4301***0014	温浩宇	男	湖南师大附属实验中学(初中部)	湖南师大附中(博才校区)
A356	4301***5522	杜梦涵	女	湖南师大附属实验中学(初中部)	湖南师大附中(博才校区)
